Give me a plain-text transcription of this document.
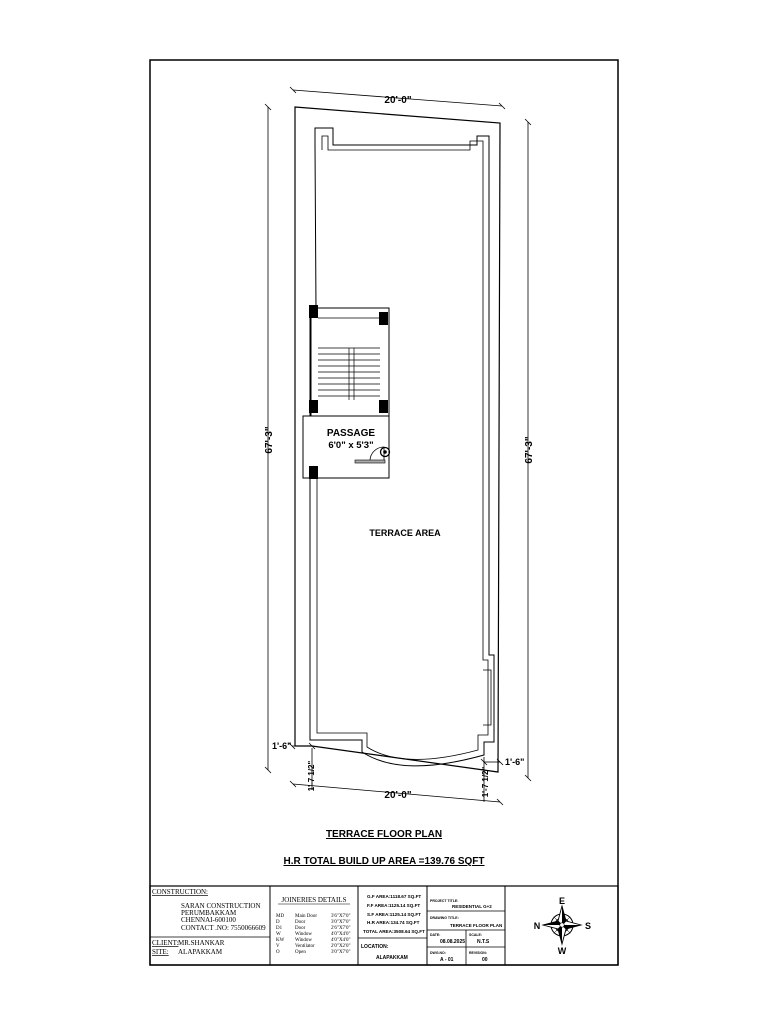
20'-0"
20'-0"
67'-3"	67'-3"
1'-6"
1'-6"
1'-7 1/2"	1'-7 1/2"
PASSAGE
6'0" x 5'3"
TERRACE AREA
CONSTRUCTION:
SARAN CONSTRUCTION
PERUMBAKKAM
CHENNAI-600100
CONTACT .NO: 7550066609
CLIENT: MR.SHANKAR
SITE: ALAPAKKAM
JOINERIES DETAILS
MD Main Door	3'6"X7'0"
D	Door	3'0"X7'0"
D1	Door	2'6"X7'0"
W	Window	4'0"X4'0"
KW Window	4'0"X4'0"
V	Ventilator	2'0"X2'0"
O	Open	3'0"X7'0"
G.F AREA:1118.67 SQ.FT
F.F AREA:1125.14 SQ.FT
S.F AREA:1125.14 SQ.FT
H.R AREA:134.74 SQ.FT
TOTAL AREA:3508.64 SQ.FT
LOCATION:
ALAPAKKAM
PROJECT TITLE:
RESIDENTIAL G+2
DRAWING TITLE:
TERRACE FLOOR PLAN
DATE:
08.08.2025
SCALE:
N.T.S
DWG.NO:
A - 01
REVISION:
00
E
N	S
W
TERRACE FLOOR PLAN
H.R TOTAL BUILD UP AREA =139.76 SQFT
